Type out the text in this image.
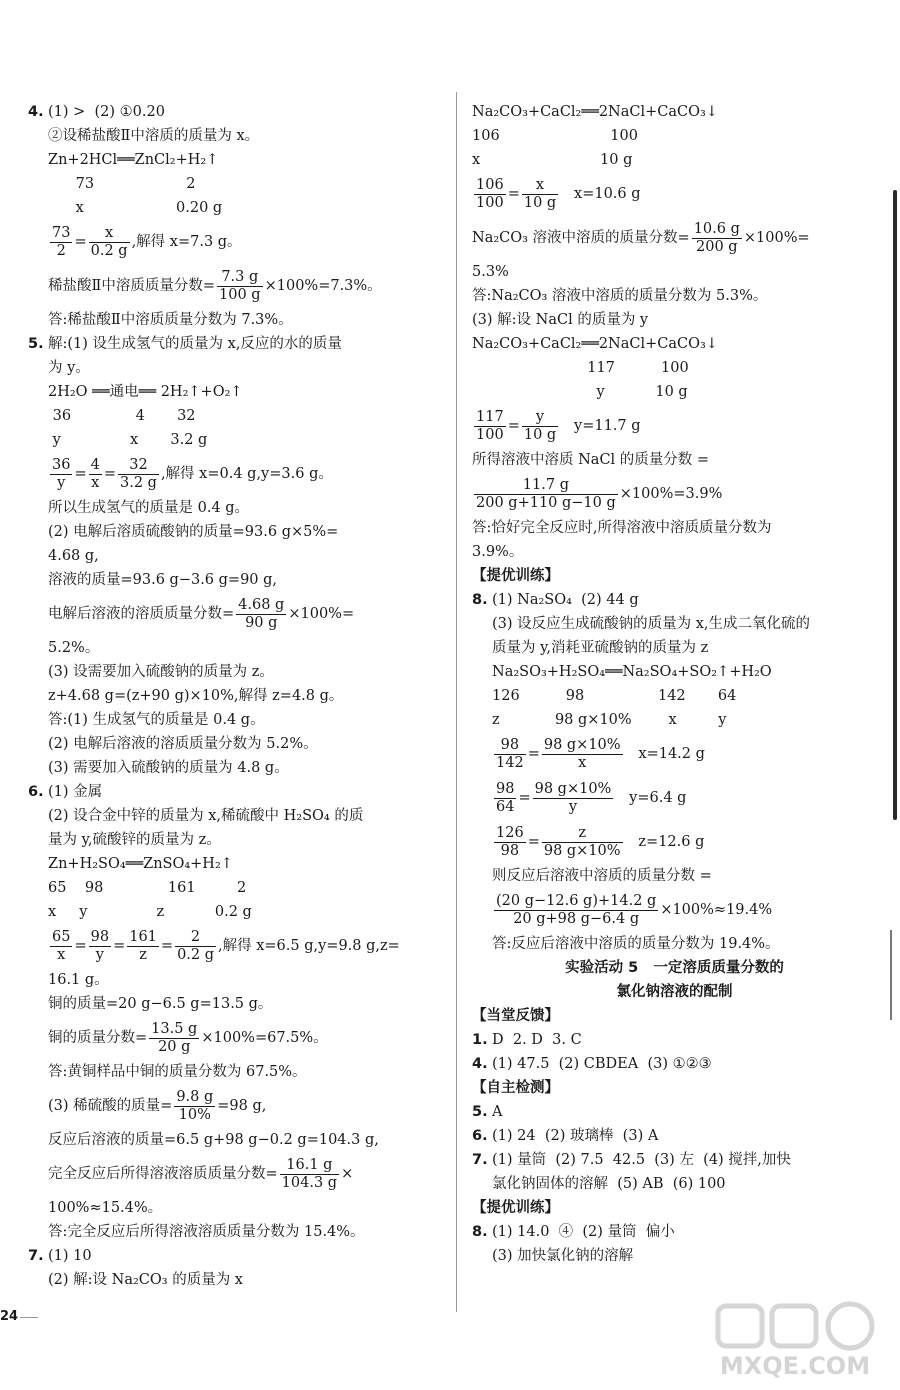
4. (1) >  (2) ①0.20
②设稀盐酸Ⅱ中溶质的质量为 x。
Zn+2HCl══ZnCl₂+H₂↑
73                    2
x                    0.20 g
$\frac{73}{2} = \frac{x}{0.2 g}$ ,解得 x=7.3 g。
稀盐酸Ⅱ中溶质质量分数= $\frac{7.3 g}{100 g} \times 100\%=7.3\%$。
答:稀盐酸Ⅱ中溶质质量分数为 7.3%。
5. 解:(1) 设生成氢气的质量为 x,反应的水的质量
为 y。
2H₂O ══通电══ 2H₂↑+O₂↑
36              4       32
y               x       3.2 g
$\frac{36}{y} = \frac{4}{x} = \frac{32}{3.2 g}$ ,解得 x=0.4 g,y=3.6 g。
所以生成氢气的质量是 0.4 g。
(2) 电解后溶质硫酸钠的质量=93.6 g×5%=
4.68 g,
溶液的质量=93.6 g−3.6 g=90 g,
电解后溶液的溶质质量分数= $\frac{4.68 g}{90 g} \times 100\%=$
5.2%。
(3) 设需要加入硫酸钠的质量为 z。
z+4.68 g=(z+90 g)×10%,解得 z=4.8 g。
答:(1) 生成氢气的质量是 0.4 g。
(2) 电解后溶液的溶质质量分数为 5.2%。
(3) 需要加入硫酸钠的质量为 4.8 g。
6. (1) 金属
(2) 设合金中锌的质量为 x,稀硫酸中 H₂SO₄ 的质
量为 y,硫酸锌的质量为 z。
Zn+H₂SO₄══ZnSO₄+H₂↑
65    98              161         2
x     y               z           0.2 g
$\frac{65}{x} = \frac{98}{y} = \frac{161}{z} = \frac{2}{0.2 g}$ ,解得 x=6.5 g,y=9.8 g,z=
16.1 g。
铜的质量=20 g−6.5 g=13.5 g。
铜的质量分数= $\frac{13.5 g}{20 g} \times 100\%=67.5\%$。
答:黄铜样品中铜的质量分数为 67.5%。
(3) 稀硫酸的质量= $\frac{9.8 g}{10\%} =98$ g,
反应后溶液的质量=6.5 g+98 g−0.2 g=104.3 g,
完全反应后所得溶液溶质质量分数= $\frac{16.1 g}{104.3 g}$ ×
100%≈15.4%。
答:完全反应后所得溶液溶质质量分数为 15.4%。
7. (1) 10
(2) 解:设 Na₂CO₃ 的质量为 x
Na₂CO₃+CaCl₂══2NaCl+CaCO₃↓
106                        100
x                          10 g
$\frac{106}{100} = \frac{x}{10 g} x=10.6$ g
Na₂CO₃ 溶液中溶质的质量分数= $\frac{10.6 g}{200 g} \times 100\%=$
5.3%
答:Na₂CO₃ 溶液中溶质的质量分数为 5.3%。
(3) 解:设 NaCl 的质量为 y
Na₂CO₃+CaCl₂══2NaCl+CaCO₃↓
117          100
y           10 g
$\frac{117}{100} = \frac{y}{10 g} y=11.7$ g
所得溶液中溶质 NaCl 的质量分数 =
$\frac{11.7 g}{200 g+110 g-10 g} \times 100\%=3.9\%$
答:恰好完全反应时,所得溶液中溶质质量分数为
3.9%。
【提优训练】
8. (1) Na₂SO₄  (2) 44 g
(3) 设反应生成硫酸钠的质量为 x,生成二氧化硫的
质量为 y,消耗亚硫酸钠的质量为 z
Na₂SO₃+H₂SO₄══Na₂SO₄+SO₂↑+H₂O
126          98                142       64
z            98 g×10%        x         y
$\frac{98}{142} = \frac{98 g\times 10\%}{x} x=14.2$ g
$\frac{98}{64} = \frac{98 g\times 10\%}{y} y=6.4$ g
$\frac{126}{98} = \frac{z}{98 g\times 10\%} z=12.6$ g
则反应后溶液中溶质的质量分数 =
$\frac{(20 g-12.6 g)+14.2 g}{20 g+98 g-6.4 g} \times 100\%\approx 19.4\%$
答:反应后溶液中溶质的质量分数为 19.4%。
实验活动 5   一定溶质质量分数的
氯化钠溶液的配制
【当堂反馈】
1. D  2. D  3. C
4. (1) 47.5  (2) CBDEA  (3) ①②③
【自主检测】
5. A
6. (1) 24  (2) 玻璃棒  (3) A
7. (1) 量筒  (2) 7.5  42.5  (3) 左  (4) 搅拌,加快
氯化钠固体的溶解  (5) AB  (6) 100
【提优训练】
8. (1) 14.0  ④  (2) 量筒  偏小
(3) 加快氯化钠的溶解
24
MXQE.COM
